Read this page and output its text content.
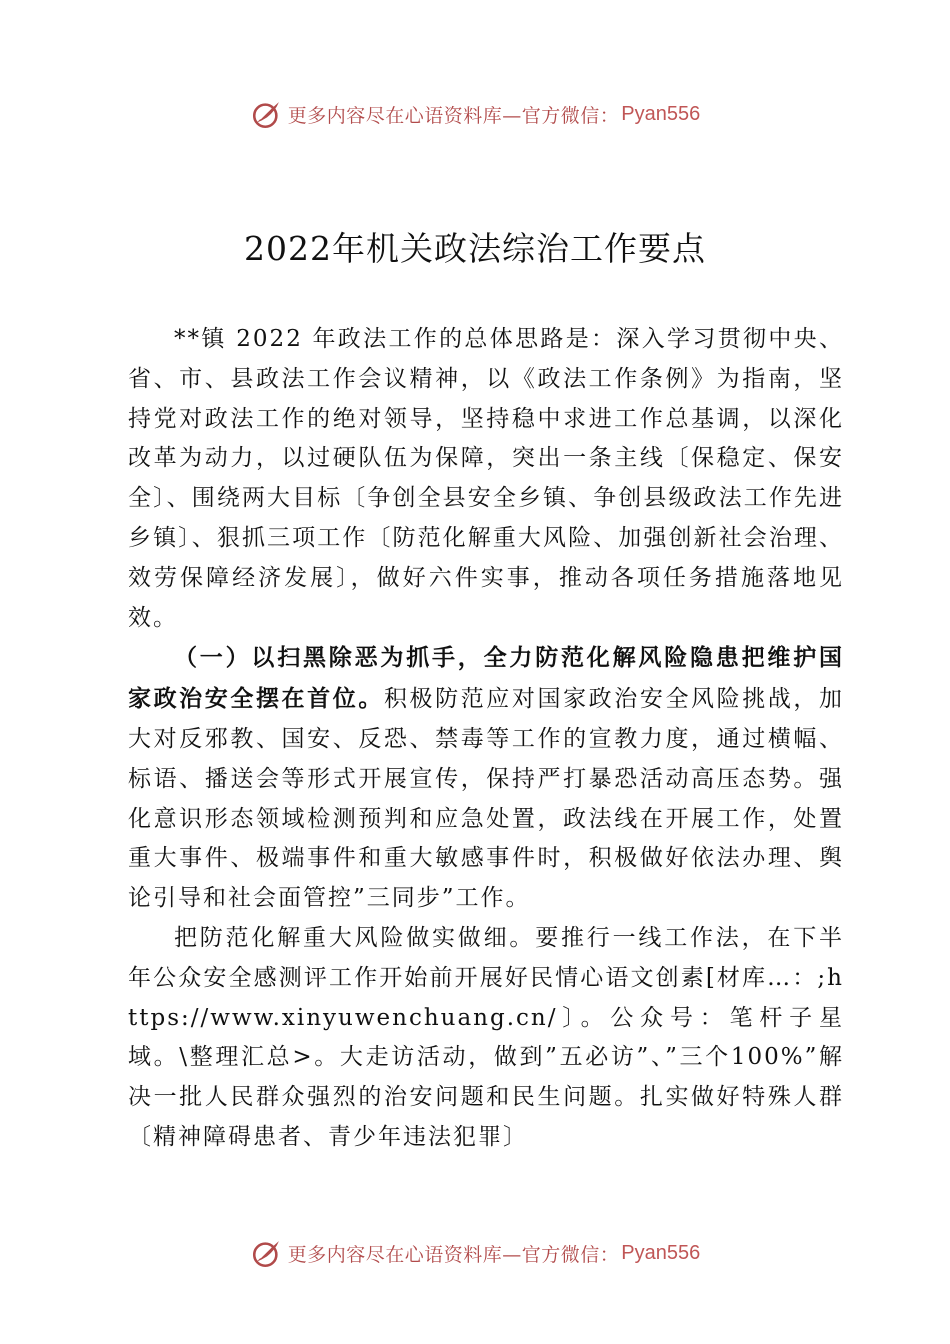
更多内容尽在心语资料库—官方微信： Pyan556
2022年机关政法综治工作要点

**镇 2022 年政法工作的总体思路是：深入学习贯彻中央、省、市、县政法工作会议精神，以《政法工作条例》为指南，坚持党对政法工作的绝对领导，坚持稳中求进工作总基调，以深化改革为动力，以过硬队伍为保障，突出一条主线〔保稳定、保安全〕、围绕两大目标〔争创全县安全乡镇、争创县级政法工作先进乡镇〕、狠抓三项工作〔防范化解重大风险、加强创新社会治理、效劳保障经济发展〕，做好六件实事，推动各项任务措施落地见效。

（一）以扫黑除恶为抓手，全力防范化解风险隐患把维护国家政治安全摆在首位。积极防范应对国家政治安全风险挑战，加大对反邪教、国安、反恐、禁毒等工作的宣教力度，通过横幅、标语、播送会等形式开展宣传，保持严打暴恐活动高压态势。强化意识形态领域检测预判和应急处置，政法线在开展工作，处置重大事件、极端事件和重大敏感事件时，积极做好依法办理、舆论引导和社会面管控”三同步”工作。

把防范化解重大风险做实做细。要推行一线工作法，在下半年公众安全感测评工作开始前开展好民情心语文创素[材库…：;https://www.xinyuwenchuang.cn/〕。公众号：笔杆子星域。\整理汇总>。大走访活动，做到”五必访”、”三个100%”解决一批人民群众强烈的治安问题和民生问题。扎实做好特殊人群〔精神障碍患者、青少年违法犯罪〕

更多内容尽在心语资料库—官方微信： Pyan556
